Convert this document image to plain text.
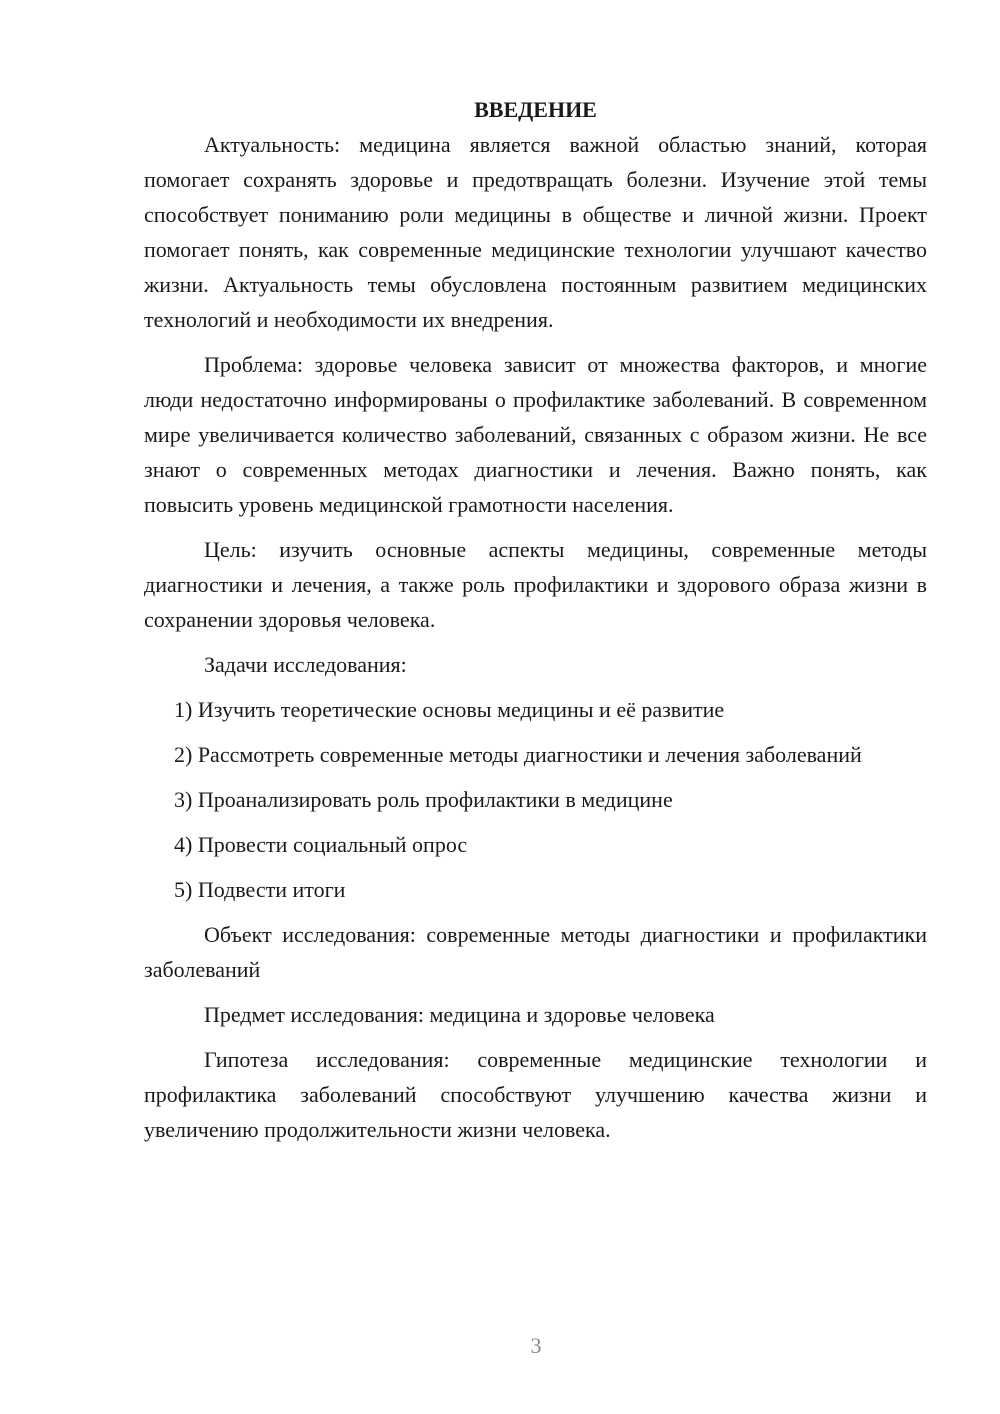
ВВЕДЕНИЕ

Актуальность: медицина является важной областью знаний, которая помогает сохранять здоровье и предотвращать болезни. Изучение этой темы способствует пониманию роли медицины в обществе и личной жизни. Проект помогает понять, как современные медицинские технологии улучшают качество жизни. Актуальность темы обусловлена постоянным развитием медицинских технологий и необходимости их внедрения.

Проблема: здоровье человека зависит от множества факторов, и многие люди недостаточно информированы о профилактике заболеваний. В современном мире увеличивается количество заболеваний, связанных с образом жизни. Не все знают о современных методах диагностики и лечения. Важно понять, как повысить уровень медицинской грамотности населения.

Цель: изучить основные аспекты медицины, современные методы диагностики и лечения, а также роль профилактики и здорового образа жизни в сохранении здоровья человека.

Задачи исследования:

1) Изучить теоретические основы медицины и её развитие

2) Рассмотреть современные методы диагностики и лечения заболеваний

3) Проанализировать роль профилактики в медицине

4) Провести социальный опрос

5) Подвести итоги

Объект исследования: современные методы диагностики и профилактики заболеваний

Предмет исследования: медицина и здоровье человека

Гипотеза исследования: современные медицинские технологии и профилактика заболеваний способствуют улучшению качества жизни и увеличению продолжительности жизни человека.

3
